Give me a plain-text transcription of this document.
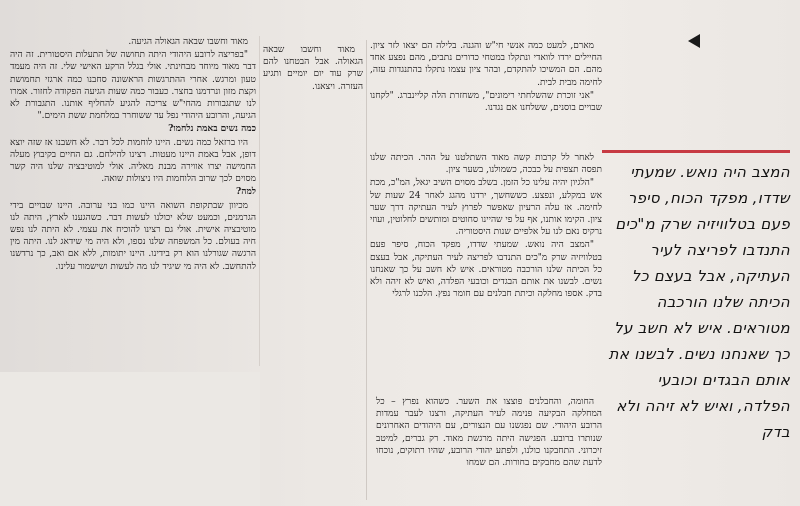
מארם, למעט כמה אנשי חי"ש והגנה. בלילה הם יצאו לזר ציון. החיילים ירדו לוואדי ונתקלו במטחי כדורים נתבים, מהם נפצע אחד מהם. הם המשיכו להתקדם, ובהר ציון עצמו נתקלו בהתנגדות עזה, לחימה מבית לבית.

"אני זוכרת שהשלחתי רימונים", משחזרת הלה קליינברג. "לקחנו שבויים בוסנים, ששלחנו אם נגדנו.

המצב היה נואש. שמעתי שדדו, מפקד הכוח, סיפר פעם בטלוויזיה שרק מ"כים התנדבו לפריצה לעיר העתיקה, אבל בעצם כל הכיתה שלנו הורכבה מטוראים. איש לא חשב על כך שאנחנו נשים. לבשנו את אותם הבגדים וכובעי הפלדה, ואיש לא זיהה ולא בדק

לאחר לל קרבות קשה מאוד השתלטנו על ההר. הכיתה שלנו תפסה תצפית על כבכה, כשמולנו, בשער ציון.

"הלגיון יהיה עלינו כל הזמן. בשלב מסוים השיב יגאל, המ"כ, מכת אש במקלע, ונפצע. כששחשך, ירדנו מהגג לאחר 24 שעות של לחימה. אז עלה הרעיון שאפשר לפרוץ לעיר העתיקה דרך שער ציון. הקימו אותנו, אף על פי שהיינו סחוטים ומותשים לחלוטין, ועוזי נרקיס נאם לנו על אלפיים שנות היסטוריה.

"המצב היה נואש. שמעתי שדדו, מפקד הכוח, סיפר פעם בטלוויזיה שרק מ"כים התנדבו לפריצה לעיר העתיקה, אבל בעצם כל הכיתה שלנו הורכבה מטוראים. איש לא חשב על כך שאנחנו נשים. לבשנו את אותם הבגדים וכובעי הפלדה, ואיש לא זיהה ולא בדק. אספו מחלקה וכיתת חבלנים עם חומר נפץ. הלכנו לרגלי

החומה, והחבלנים פוצצו את השער. כשהוא נפרץ – כל המחלקה הבקיעה פנימה לעיר העתיקה, ורצנו לעבר עמדות הרובע היהודי. שם נפגשנו עם הנצורים, עם היהודים האחרונים שנותרו ברובע. הפגישה היתה מרגשת מאוד. רק גברים, למיטב זיכרוני. התחבקנו כולנו, ולפתע יהודי הרובע, שהיו רתוקים, נוכחו לדעת שהם מחבקים בחורות. הם שמחו

מאוד וחשבו שבאה הגאולה. אבל הבטחנו להם שרק עוד יום יומיים ותגיע העזרה. ויצאנו.

מאוד וחשבו שבאה הגאולה הגיעה.

"בפריצה לרובע היהודי היתה תחושה של התעלות היסטורית. זה היה דבר מאוד מיוחד מבחינתי. אולי בגלל הרקע האישי שלי. זה היה מעמד טעון ומרגש. אחרי ההתרגשות הראשונה סחבנו כמה ארגזי תחמושת וקצת מזון ונרדמנו בחצר. כעבור כמה שעות הגיעה הפקודה לחזור. אמרו לנו שתגבורות מהחי"ש צריכה להגיע להחליף אותנו. התגבורת לא הגיעה, והרובע היהודי נפל עד ששוחרר במלחמת ששת הימים."

כמה נשים באמת נלחמו?

היו ברזאל כמה נשים. היינו לוחמות לכל דבר. לא חשבנו אז שזה יוצא דופן, אבל באמת היינו מעטות. רצינו להילחם. גם החיים בקיבוץ מעלה החמישה יצרו אווירה מבנת מאליה. אולי למוטיבציה שלנו היה קשר מסוים לכך שרוב הלוחמות היו ניצולות שואה.

למה?

מכיוון שבתקופת השואה היינו כמו בני ערובה. היינו שבויים בידי הגרמנים, וכמעט שלא יכולנו לעשות דבר. כשהגענו לארץ, היתה לנו מוטיבציה אישית. אולי גם רצינו להוכיח את עצמי. לא היתה לנו נפש חיה בעולם. כל המשפחה שלנו נספו, ולא היה מי שידאג לנו. היתה מין הרגשה שגורלנו הוא רק בידינו. היינו יתומות, ללא אם ואב, כך נרדשנו להתחשב. לא היה מי שיגיד לנו מה לעשות ושישמור עלינו.
